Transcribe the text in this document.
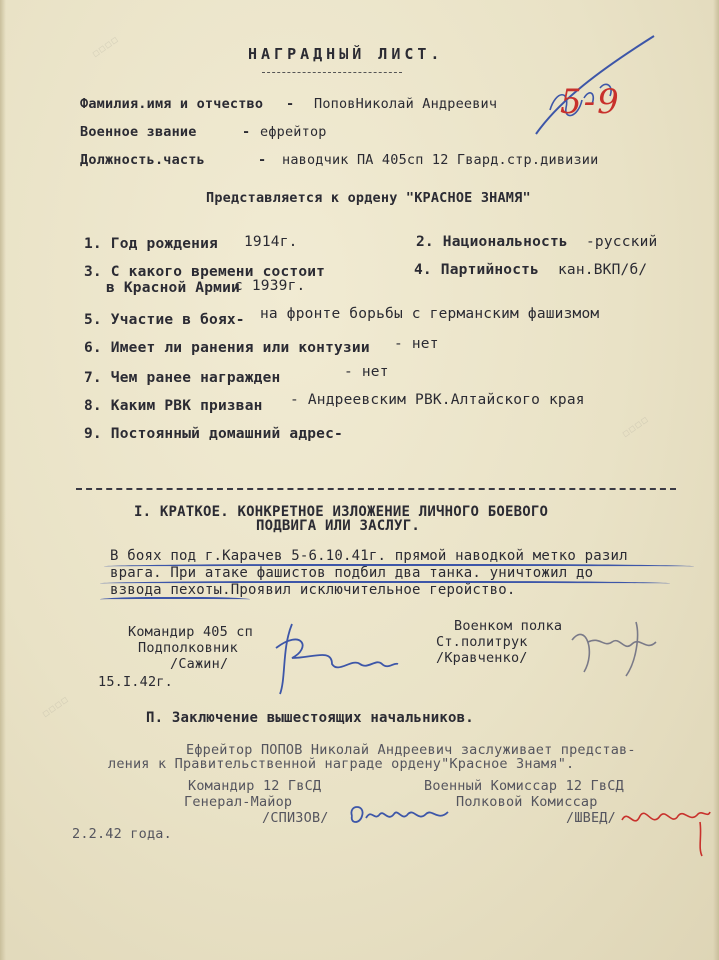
▫▫▫▫
▫▫▫▫
▫▫▫▫
НАГРАДНЫЙ ЛИСТ.
Фамилия.имя и отчество - ПоповНиколай Андреевич
Военное звание	- ефрейтор
Должность.часть	- наводчик ПА 405сп 12 Гвард.стр.дивизии
5-9
Представляется к ордену "КРАСНОЕ ЗНАМЯ"
1. Год рождения 1914г.	2. Национальность -русский
3. С какого времени состоит
в Красной Армии
с 1939г.
4. Партийность кан.ВКП/б/
5. Участие в боях- на фронте борьбы с германским фашизмом
6. Имеет ли ранения или контузии - нет
7. Чем ранее награжден	- нет
8. Каким РВК призван - Андреевским РВК.Алтайского края
9. Постоянный домашний адрес-
I. КРАТКОЕ. КОНКРЕТНОЕ ИЗЛОЖЕНИЕ ЛИЧНОГО БОЕВОГО
ПОДВИГА ИЛИ ЗАСЛУГ.
В боях под г.Карачев 5-6.10.41г. прямой наводкой метко разил
врага. При атаке фашистов подбил два танка. уничтожил до
взвода пехоты.Проявил исключительное геройство.
Командир 405 сп
Подполковник
/Сажин/
15.I.42г.
Военком полка
Ст.политрук
/Кравченко/
П. Заключение вышестоящих начальников.
Ефрейтор ПОПОВ Николай Андреевич заслуживает представ-
ления к Правительственной награде ордену"Красное Знамя".
Командир 12 ГвСД
Генерал-Майор
/СПИЗОВ/
Военный Комиссар 12 ГвСД
Полковой Комиссар
/ШВЕД/
2.2.42 года.
